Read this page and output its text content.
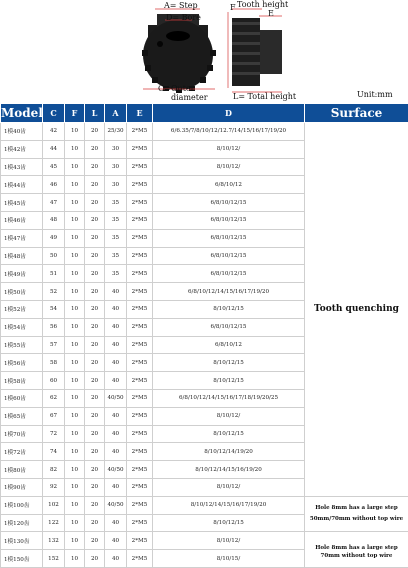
A= Step
D= Bore
F Tooth height
E
C= Outer diameter	L= Total height	Unit:mm
Model	C	F	L	A	E	D	Surface
1模40齿	42	10	20	25/30	2*M5	6/6.35/7/8/10/12/12.7/14/15/16/17/19/20	Tooth quenching
1模42齿	44	10	20	30	2*M5	8/10/12/	
1模43齿	45	10	20	30	2*M5	8/10/12/	
1模44齿	46	10	20	30	2*M5	6/8/10/12	
1模45齿	47	10	20	35	2*M5	6/8/10/12/15	
1模46齿	48	10	20	35	2*M5	6/8/10/12/15	
1模47齿	49	10	20	35	2*M5	6/8/10/12/15	
1模48齿	50	10	20	35	2*M5	6/8/10/12/15	
1模49齿	51	10	20	35	2*M5	6/8/10/12/15	
1模50齿	52	10	20	40	2*M5	6/8/10/12/14/15/16/17/19/20	
1模52齿	54	10	20	40	2*M5	8/10/12/15	
1模54齿	56	10	20	40	2*M5	6/8/10/12/15	
1模55齿	57	10	20	40	2*M5	6/8/10/12	
1模56齿	58	10	20	40	2*M5	8/10/12/15	
1模58齿	60	10	20	40	2*M5	8/10/12/15	
1模60齿	62	10	20	40/50	2*M5	6/8/10/12/14/15/16/17/18/19/20/25	
1模65齿	67	10	20	40	2*M5	8/10/12/	
1模70齿	72	10	20	40	2*M5	8/10/12/15	
1模72齿	74	10	20	40	2*M5	8/10/12/14/19/20	
1模80齿	82	10	20	40/50	2*M5	8/10/12/14/15/16/19/20	
1模90齿	92	10	20	40	2*M5	8/10/12/	
1模100齿	102	10	20	40/50	2*M5	8/10/12/14/15/16/17/19/20	Hole 8mm has a large step
50mm/70mm without top wire

1模120齿	122	10	20	40	2*M5	8/10/12/15	
1模130齿	132	10	20	40	2*M5	8/10/12/	Hole 8mm has a large step
70mm without top wire

1模150齿	152	10	20	40	2*M5	8/10/15/	
